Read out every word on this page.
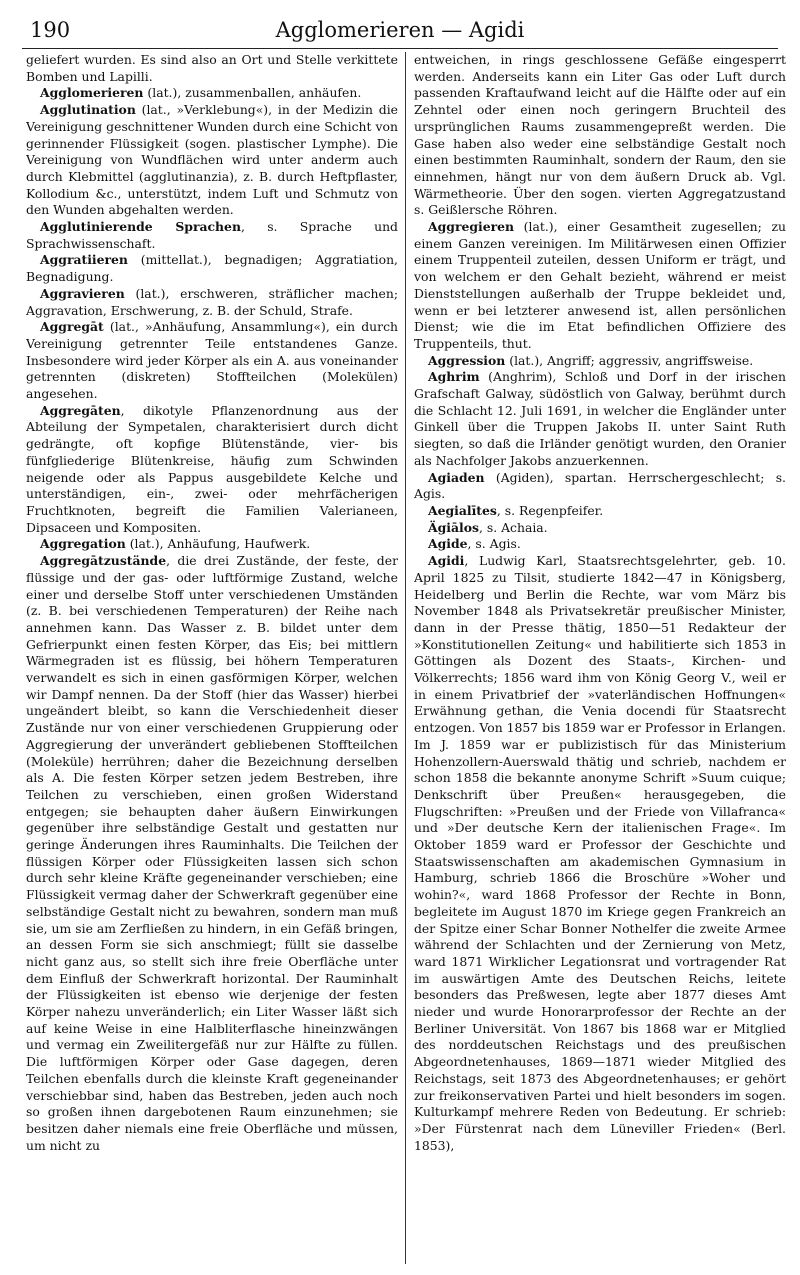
190	Agglomerieren — Agidi

geliefert wurden. Es sind also an Ort und Stelle verkittete Bomben und Lapilli.

Agglomerieren (lat.), zusammenballen, anhäufen.

Agglutination (lat., »Verklebung«), in der Medizin die Vereinigung geschnittener Wunden durch eine Schicht von gerinnender Flüssigkeit (sogen. plastischer Lymphe). Die Vereinigung von Wundflächen wird unter anderm auch durch Klebmittel (agglutinanzia), z. B. durch Heftpflaster, Kollodium &c., unterstützt, indem Luft und Schmutz von den Wunden abgehalten werden.

Agglutinierende Sprachen, s. Sprache und Sprachwissenschaft.

Aggratiieren (mittellat.), begnadigen; Aggratiation, Begnadigung.

Aggravieren (lat.), erschweren, sträflicher machen; Aggravation, Erschwerung, z. B. der Schuld, Strafe.

Aggregāt (lat., »Anhäufung, Ansammlung«), ein durch Vereinigung getrennter Teile entstandenes Ganze. Insbesondere wird jeder Körper als ein A. aus voneinander getrennten (diskreten) Stoffteilchen (Molekülen) angesehen.

Aggregāten, dikotyle Pflanzenordnung aus der Abteilung der Sympetalen, charakterisiert durch dicht gedrängte, oft kopfige Blütenstände, vier- bis fünfgliederige Blütenkreise, häufig zum Schwinden neigende oder als Pappus ausgebildete Kelche und unterständigen, ein-, zwei- oder mehrfächerigen Fruchtknoten, begreift die Familien Valerianeen, Dipsaceen und Kompositen.

Aggregation (lat.), Anhäufung, Haufwerk.

Aggregātzustände, die drei Zustände, der feste, der flüssige und der gas- oder luftförmige Zustand, welche einer und derselbe Stoff unter verschiedenen Umständen (z. B. bei verschiedenen Temperaturen) der Reihe nach annehmen kann. Das Wasser z. B. bildet unter dem Gefrierpunkt einen festen Körper, das Eis; bei mittlern Wärmegraden ist es flüssig, bei höhern Temperaturen verwandelt es sich in einen gasförmigen Körper, welchen wir Dampf nennen. Da der Stoff (hier das Wasser) hierbei ungeändert bleibt, so kann die Verschiedenheit dieser Zustände nur von einer verschiedenen Gruppierung oder Aggregierung der unverändert gebliebenen Stoffteilchen (Moleküle) herrühren; daher die Bezeichnung derselben als A. Die festen Körper setzen jedem Bestreben, ihre Teilchen zu verschieben, einen großen Widerstand entgegen; sie behaupten daher äußern Einwirkungen gegenüber ihre selbständige Gestalt und gestatten nur geringe Änderungen ihres Rauminhalts. Die Teilchen der flüssigen Körper oder Flüssigkeiten lassen sich schon durch sehr kleine Kräfte gegeneinander verschieben; eine Flüssigkeit vermag daher der Schwerkraft gegenüber eine selbständige Gestalt nicht zu bewahren, sondern man muß sie, um sie am Zerfließen zu hindern, in ein Gefäß bringen, an dessen Form sie sich anschmiegt; füllt sie dasselbe nicht ganz aus, so stellt sich ihre freie Oberfläche unter dem Einfluß der Schwerkraft horizontal. Der Rauminhalt der Flüssigkeiten ist ebenso wie derjenige der festen Körper nahezu unveränderlich; ein Liter Wasser läßt sich auf keine Weise in eine Halbliterflasche hineinzwängen und vermag ein Zweilitergefäß nur zur Hälfte zu füllen. Die luftförmigen Körper oder Gase dagegen, deren Teilchen ebenfalls durch die kleinste Kraft gegeneinander verschiebbar sind, haben das Bestreben, jeden auch noch so großen ihnen dargebotenen Raum einzunehmen; sie besitzen daher niemals eine freie Oberfläche und müssen, um nicht zu

entweichen, in rings geschlossene Gefäße eingesperrt werden. Anderseits kann ein Liter Gas oder Luft durch passenden Kraftaufwand leicht auf die Hälfte oder auf ein Zehntel oder einen noch geringern Bruchteil des ursprünglichen Raums zusammengepreßt werden. Die Gase haben also weder eine selbständige Gestalt noch einen bestimmten Rauminhalt, sondern der Raum, den sie einnehmen, hängt nur von dem äußern Druck ab. Vgl. Wärmetheorie. Über den sogen. vierten Aggregatzustand s. Geißlersche Röhren.

Aggregieren (lat.), einer Gesamtheit zugesellen; zu einem Ganzen vereinigen. Im Militärwesen einen Offizier einem Truppenteil zuteilen, dessen Uniform er trägt, und von welchem er den Gehalt bezieht, während er meist Dienststellungen außerhalb der Truppe bekleidet und, wenn er bei letzterer anwesend ist, allen persönlichen Dienst; wie die im Etat befindlichen Offiziere des Truppenteils, thut.

Aggression (lat.), Angriff; aggressiv, angriffsweise.

Aghrim (Anghrim), Schloß und Dorf in der irischen Grafschaft Galway, südöstlich von Galway, berühmt durch die Schlacht 12. Juli 1691, in welcher die Engländer unter Ginkell über die Truppen Jakobs II. unter Saint Ruth siegten, so daß die Irländer genötigt wurden, den Oranier als Nachfolger Jakobs anzuerkennen.

Agiaden (Agiden), spartan. Herrschergeschlecht; s. Agis.

Aegialītes, s. Regenpfeifer.

Ägiālos, s. Achaia.

Agide, s. Agis.

Agidi, Ludwig Karl, Staatsrechtsgelehrter, geb. 10. April 1825 zu Tilsit, studierte 1842—47 in Königsberg, Heidelberg und Berlin die Rechte, war vom März bis November 1848 als Privatsekretär preußischer Minister, dann in der Presse thätig, 1850—51 Redakteur der »Konstitutionellen Zeitung« und habilitierte sich 1853 in Göttingen als Dozent des Staats-, Kirchen- und Völkerrechts; 1856 ward ihm von König Georg V., weil er in einem Privatbrief der »vaterländischen Hoffnungen« Erwähnung gethan, die Venia docendi für Staatsrecht entzogen. Von 1857 bis 1859 war er Professor in Erlangen. Im J. 1859 war er publizistisch für das Ministerium Hohenzollern-Auerswald thätig und schrieb, nachdem er schon 1858 die bekannte anonyme Schrift »Suum cuique; Denkschrift über Preußen« herausgegeben, die Flugschriften: »Preußen und der Friede von Villafranca« und »Der deutsche Kern der italienischen Frage«. Im Oktober 1859 ward er Professor der Geschichte und Staatswissenschaften am akademischen Gymnasium in Hamburg, schrieb 1866 die Broschüre »Woher und wohin?«, ward 1868 Professor der Rechte in Bonn, begleitete im August 1870 im Kriege gegen Frankreich an der Spitze einer Schar Bonner Nothelfer die zweite Armee während der Schlachten und der Zernierung von Metz, ward 1871 Wirklicher Legationsrat und vortragender Rat im auswärtigen Amte des Deutschen Reichs, leitete besonders das Preßwesen, legte aber 1877 dieses Amt nieder und wurde Honorarprofessor der Rechte an der Berliner Universität. Von 1867 bis 1868 war er Mitglied des norddeutschen Reichstags und des preußischen Abgeordnetenhauses, 1869—1871 wieder Mitglied des Reichstags, seit 1873 des Abgeordnetenhauses; er gehört zur freikonservativen Partei und hielt besonders im sogen. Kulturkampf mehrere Reden von Bedeutung. Er schrieb: »Der Fürstenrat nach dem Lüneviller Frieden« (Berl. 1853),
